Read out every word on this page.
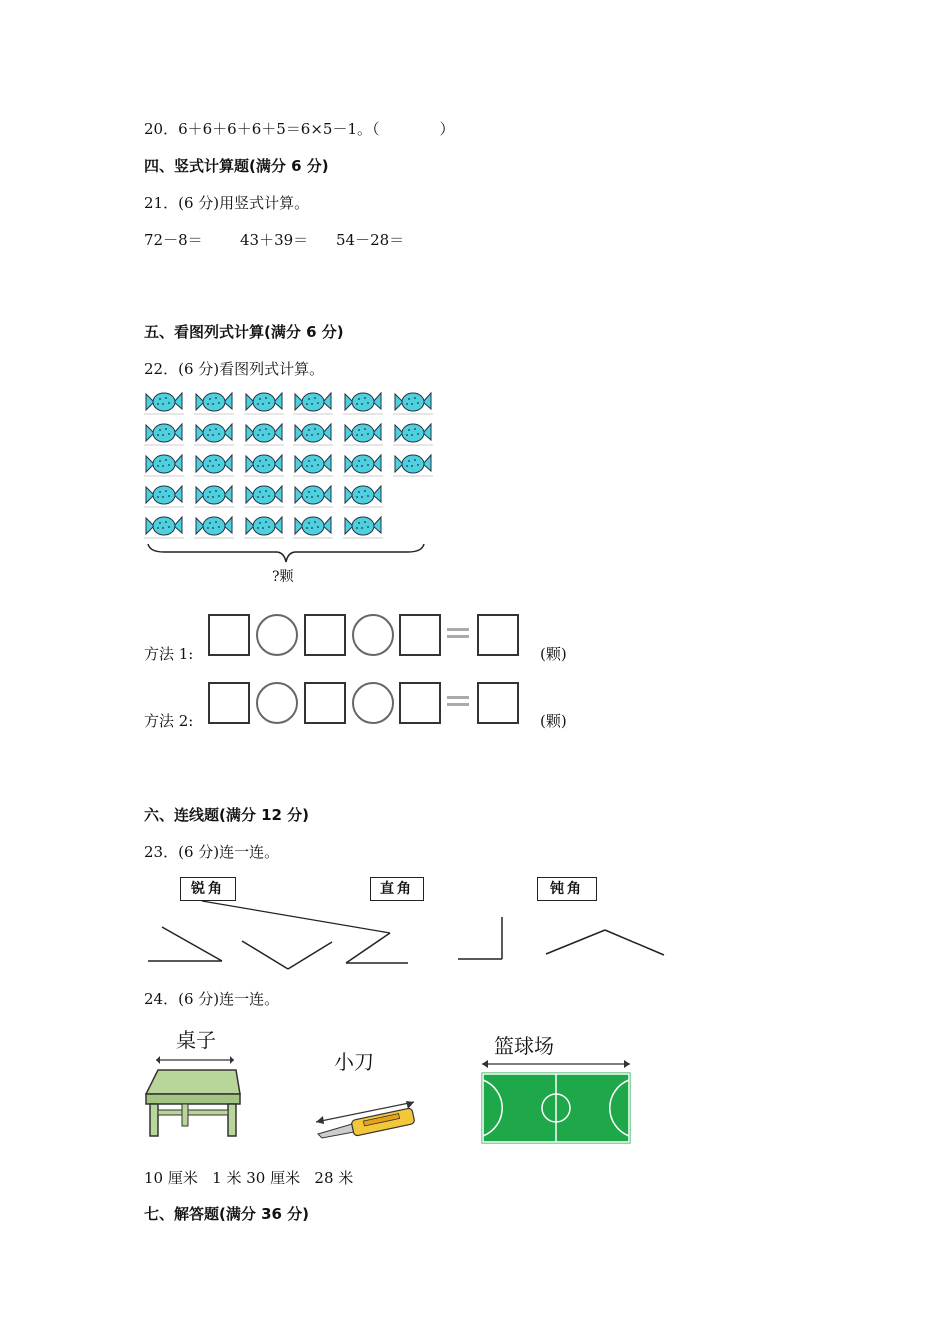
20．6＋6＋6＋6＋5＝6×5－1。（	）
四、竖式计算题(满分 6 分)
21．(6 分)用竖式计算。
72－8＝ 43＋39＝ 54－28＝
五、看图列式计算(满分 6 分)
22．(6 分)看图列式计算。
?颗
方法 1:	(颗)
方法 2:	(颗)
六、连线题(满分 12 分)
23．(6 分)连一连。
锐角	直角	钝角
24．(6 分)连一连。
桌子
小刀
篮球场
10 厘米   1 米 30 厘米   28 米
七、解答题(满分 36 分)
